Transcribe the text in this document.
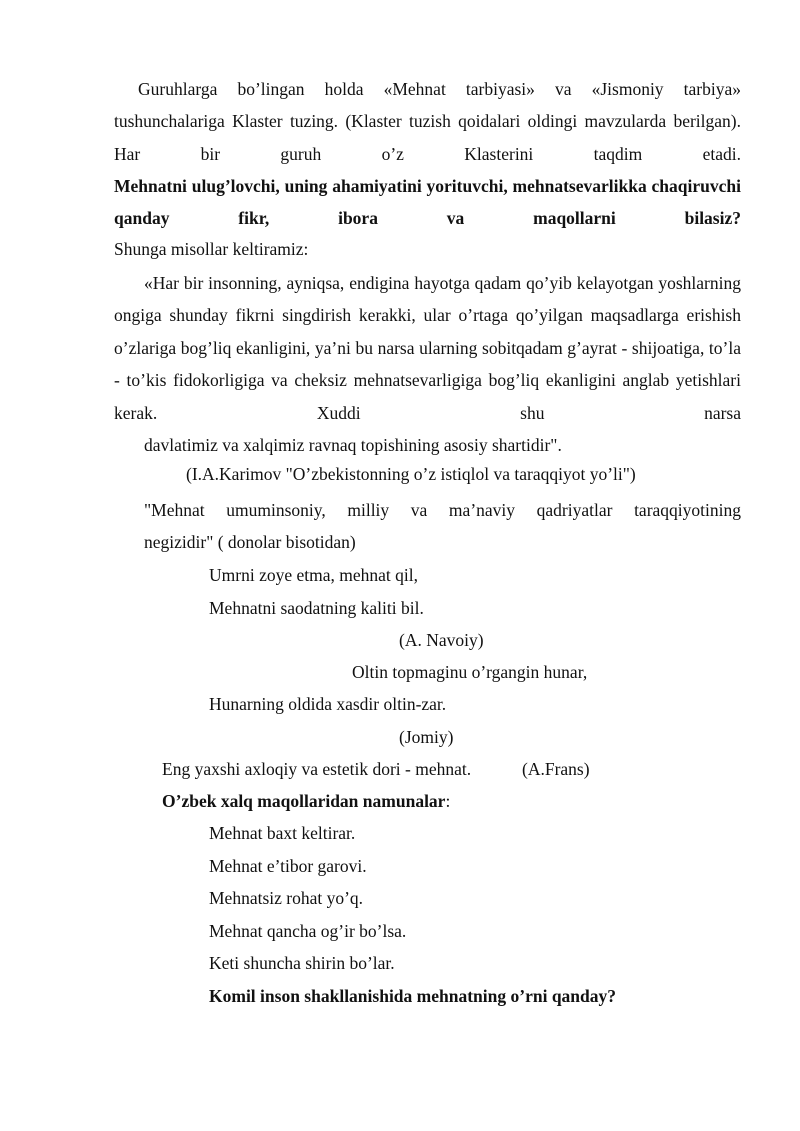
Guruhlarga bo’lingan holda «Mehnat tarbiyasi» va «Jismoniy tarbiya» tushunchalariga Klaster tuzing. (Klaster tuzish qoidalari oldingi mavzularda berilgan). Har bir guruh o’z Klasterini taqdim etadi.

Mehnatni ulug’lovchi, uning ahamiyatini yorituvchi, mehnatsevarlikka chaqiruvchi qanday fikr, ibora va maqollarni bilasiz?

Shunga misollar keltiramiz:

«Har bir insonning, ayniqsa, endigina hayotga qadam qo’yib kelayotgan yoshlarning ongiga shunday fikrni singdirish kerakki, ular o’rtaga qo’yilgan maqsadlarga erishish o’zlariga bog’liq ekanligini, ya’ni bu narsa ularning sobitqadam g’ayrat - shijoatiga, to’la - to’kis fidokorligiga va cheksiz mehnatsevarligiga bog’liq ekanligini anglab yetishlari kerak. Xuddi shu narsa
davlatimiz va xalqimiz ravnaq topishining asosiy shartidir".

(I.A.Karimov "O’zbekistonning o’z istiqlol va taraqqiyot yo’li")

"Mehnat umuminsoniy, milliy va ma’naviy qadriyatlar taraqqiyotining
negizidir" ( donolar bisotidan)

Umrni zoye etma, mehnat qil,

Mehnatni saodatning kaliti bil.

(A. Navoiy)

Oltin topmaginu o’rgangin hunar,

Hunarning oldida xasdir oltin-zar.

(Jomiy)

Eng yaxshi axloqiy va estetik dori - mehnat.	(A.Frans)

O’zbek xalq maqollaridan namunalar:

Mehnat baxt keltirar.

Mehnat e’tibor garovi.

Mehnatsiz rohat yo’q.

Mehnat qancha og’ir bo’lsa.

Keti shuncha shirin bo’lar.

Komil inson shakllanishida mehnatning o’rni qanday?
